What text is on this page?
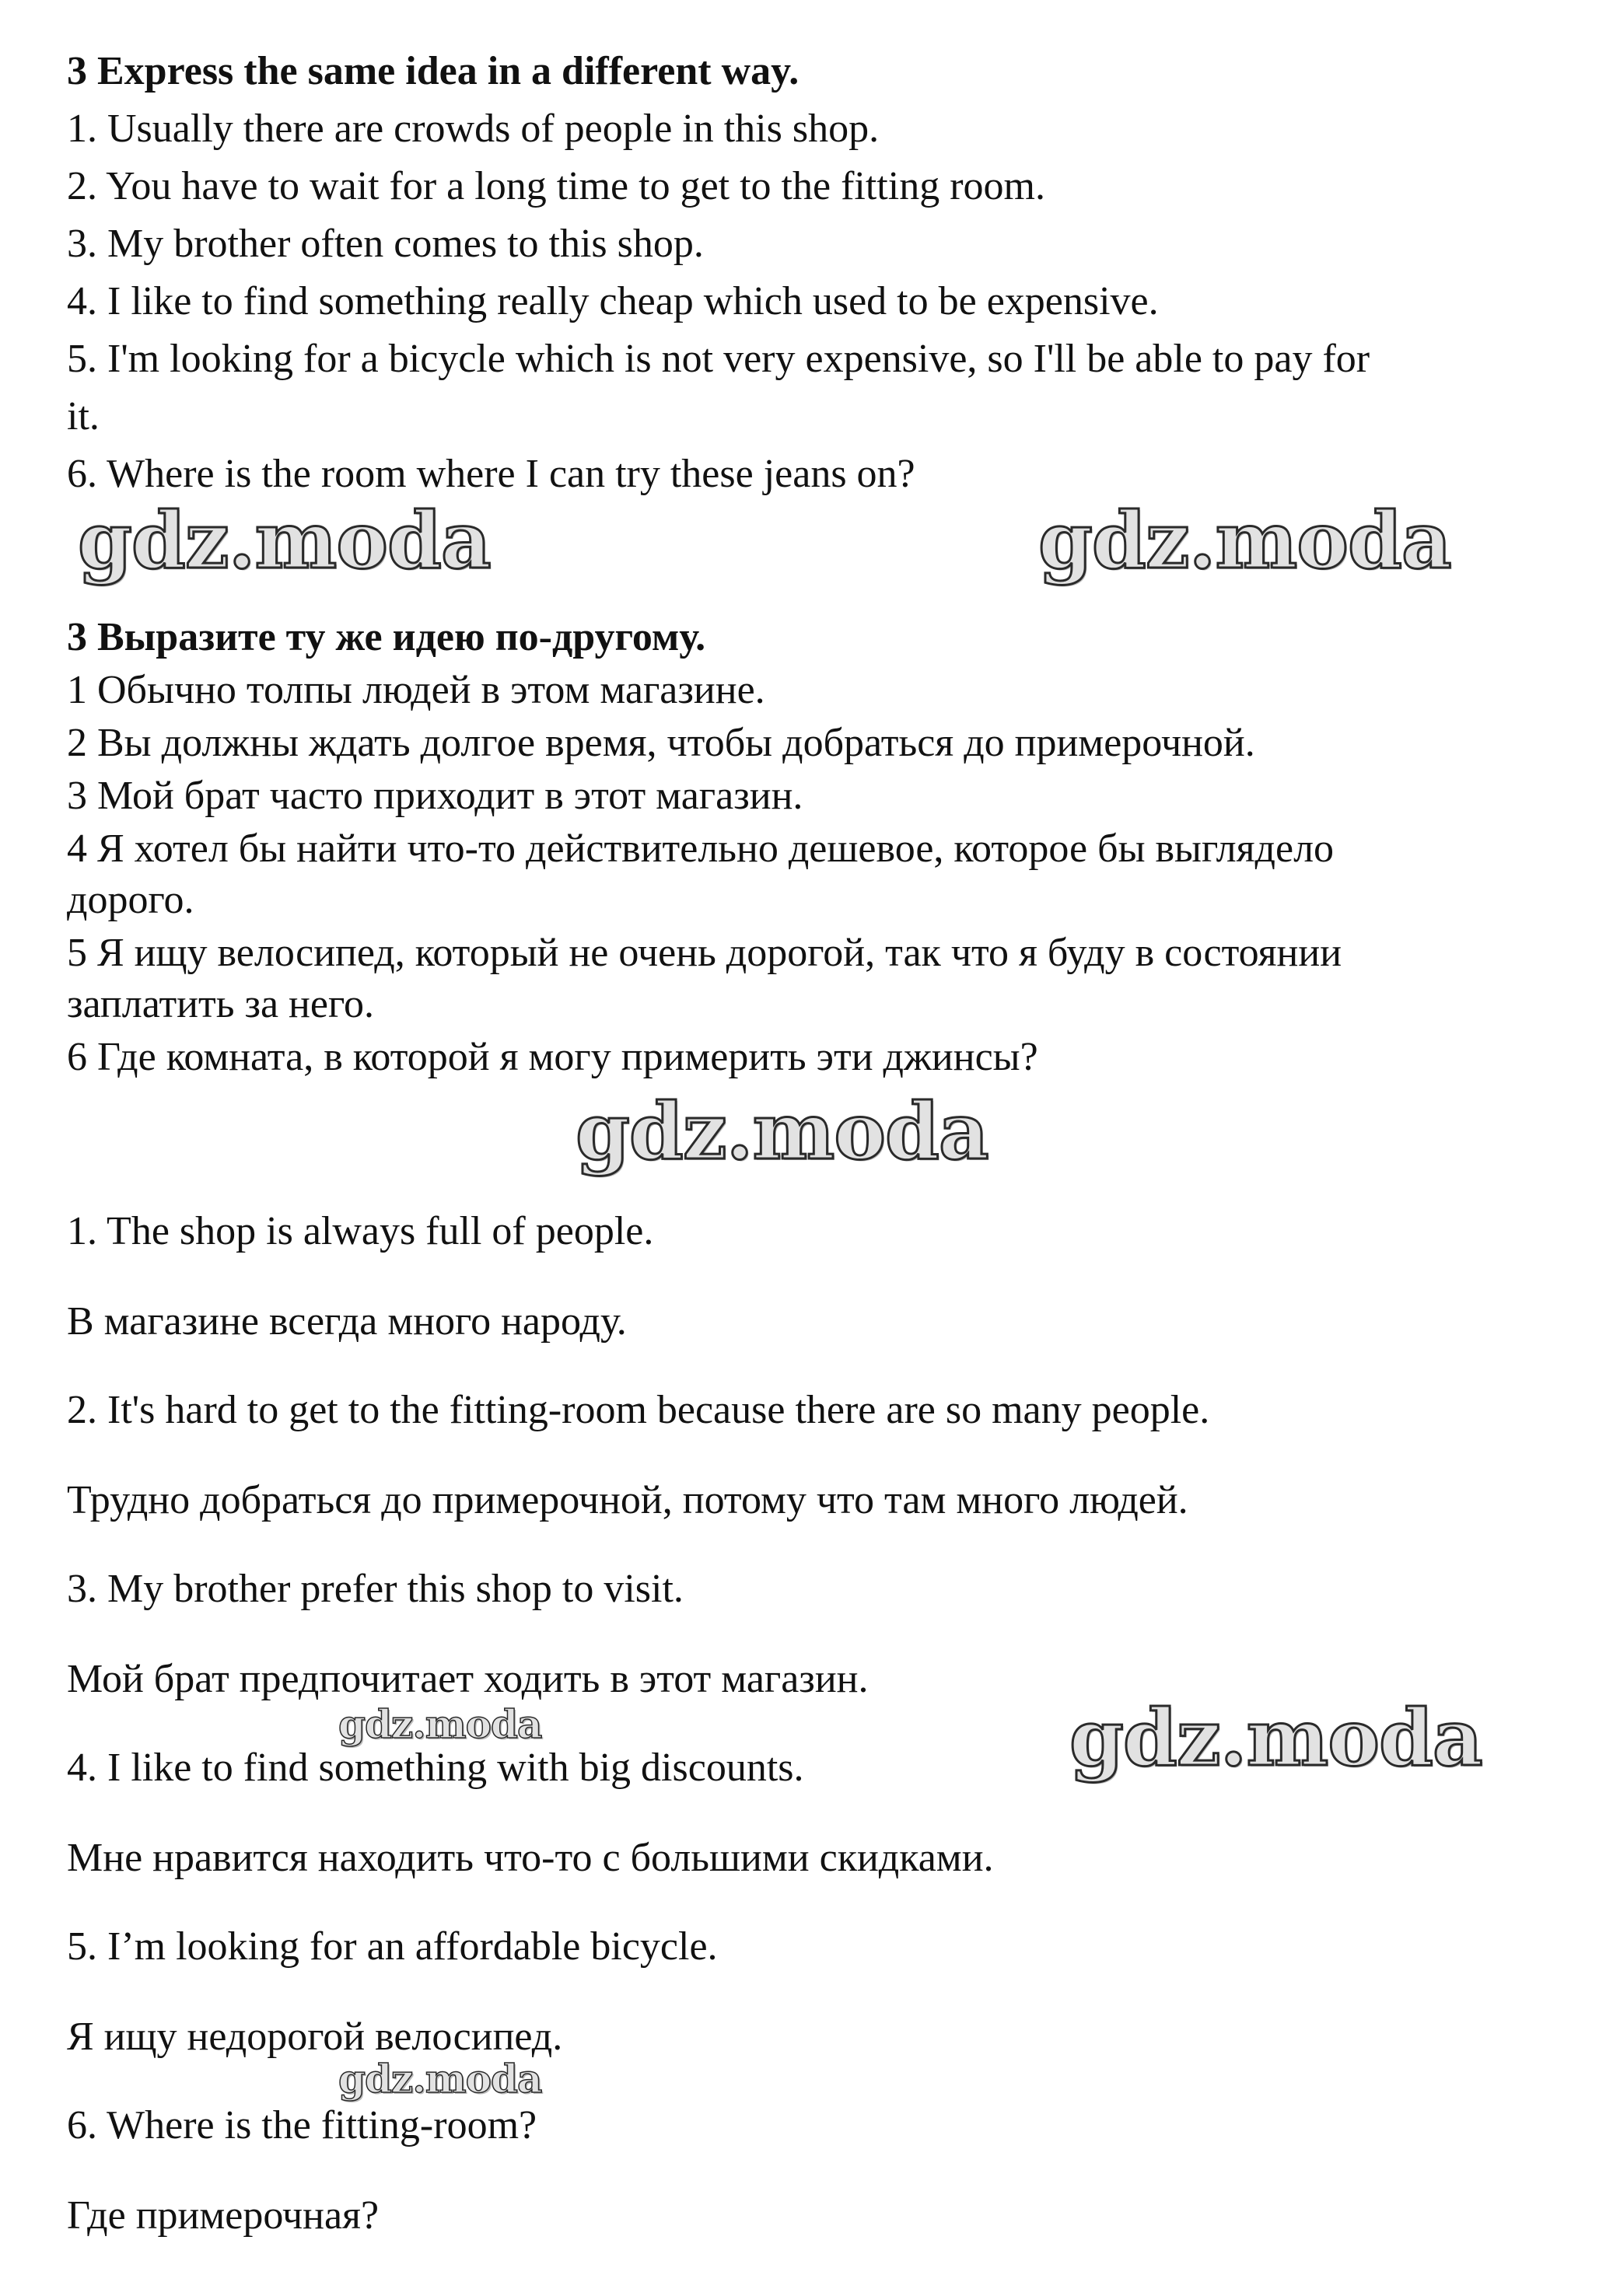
3 Express the same idea in a different way.
1. Usually there are crowds of people in this shop.
2. You have to wait for a long time to get to the fitting room.
3. My brother often comes to this shop.
4. I like to find something really cheap which used to be expensive.
5. I'm looking for a bicycle which is not very expensive, so I'll be able to pay for
it.
6. Where is the room where I can try these jeans on?
gdz.moda	gdz.moda
3 Выразите ту же идею по-другому.
1 Обычно толпы людей в этом магазине.
2 Вы должны ждать долгое время, чтобы добраться до примерочной.
3 Мой брат часто приходит в этот магазин.
4 Я хотел бы найти что-то действительно дешевое, которое бы выглядело
дорого.
5 Я ищу велосипед, который не очень дорогой, так что я буду в состоянии
заплатить за него.
6 Где комната, в которой я могу примерить эти джинсы?
gdz.moda
1. The shop is always full of people.
В магазине всегда много народу.
2. It's hard to get to the fitting-room because there are so many people.
Трудно добраться до примерочной, потому что там много людей.
3. My brother prefer this shop to visit.
Мой брат предпочитает ходить в этот магазин.
gdz.moda	gdz.moda
4. I like to find something with big discounts.
Мне нравится находить что-то с большими скидками.
5. I’m looking for an affordable bicycle.
Я ищу недорогой велосипед.
gdz.moda
6. Where is the fitting-room?
Где примерочная?
